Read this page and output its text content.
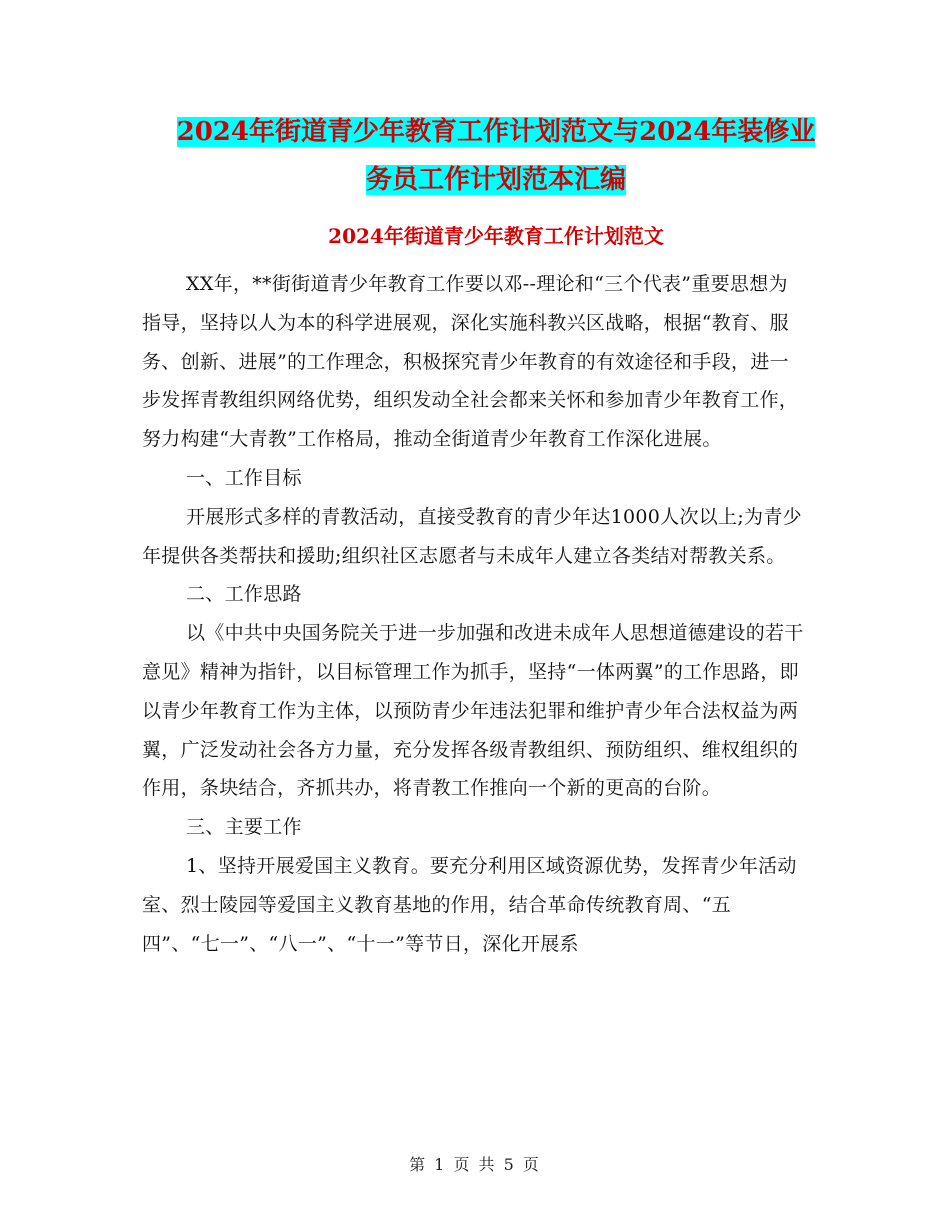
2024年街道青少年教育工作计划范文与2024年装修业
务员工作计划范本汇编
2024年街道青少年教育工作计划范文

XX年，**街街道青少年教育工作要以邓--理论和“三个代表”重要思想为指导，坚持以人为本的科学进展观，深化实施科教兴区战略，根据“教育、服务、创新、进展”的工作理念，积极探究青少年教育的有效途径和手段，进一步发挥青教组织网络优势，组织发动全社会都来关怀和参加青少年教育工作，努力构建“大青教”工作格局，推动全街道青少年教育工作深化进展。

一、工作目标

开展形式多样的青教活动，直接受教育的青少年达1000人次以上;为青少年提供各类帮扶和援助;组织社区志愿者与未成年人建立各类结对帮教关系。

二、工作思路

以《中共中央国务院关于进一步加强和改进未成年人思想道德建设的若干意见》精神为指针，以目标管理工作为抓手，坚持“一体两翼”的工作思路，即以青少年教育工作为主体，以预防青少年违法犯罪和维护青少年合法权益为两翼，广泛发动社会各方力量，充分发挥各级青教组织、预防组织、维权组织的作用，条块结合，齐抓共办，将青教工作推向一个新的更高的台阶。

三、主要工作

1、坚持开展爱国主义教育。要充分利用区域资源优势，发挥青少年活动室、烈士陵园等爱国主义教育基地的作用，结合革命传统教育周、“五四”、“七一”、“八一”、“十一”等节日，深化开展系

第 1 页 共 5 页
